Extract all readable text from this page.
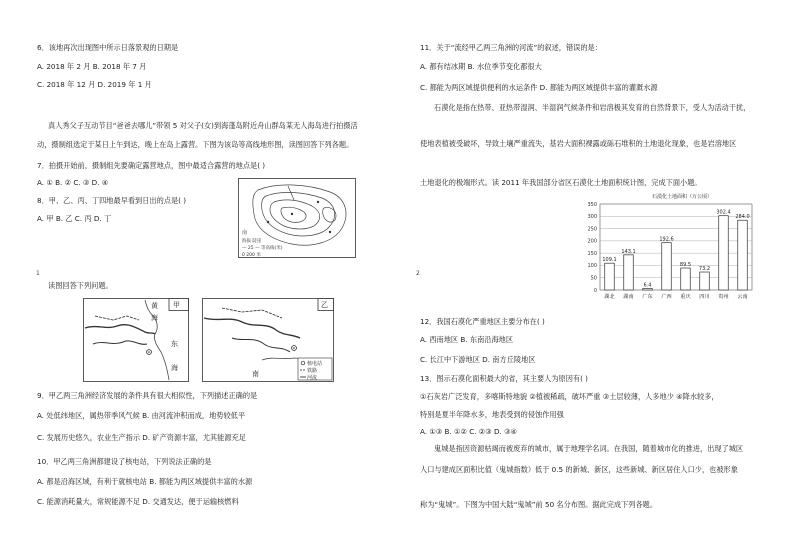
6．该地再次出现图中所示日落景观的日期是
A. 2018 年 2 月 B. 2018 年 7 月
C. 2018 年 12 月 D. 2019 年 1 月
真人秀父子互动节目“爸爸去哪儿”带领 5 对父子(女)到海蓬岛附近舟山群岛某无人海岛进行拍摄活
动，摄制组选定于某日上午到达，晚上在岛上露营。下图为该岛等高线地形图，读图回答下列各题。
7．拍摄开始前，摄制组先要确定露营地点，图中最适合露营的地点是( )
A. ① B. ② C. ③ D. ④
8．甲、乙、丙、丁四地最早看到日出的点是( )
A. 甲 B. 乙 C. 丙 D. 丁
南
海拔 陡崖
— 25 — 等高线(米)
0 200 米
1
读图回答下列问题。
甲
黄
海
东
海
乙
南
核电站
铁路
河流
9．甲乙两三角洲经济发展的条件具有很大相似性，下列描述正确的是
A. 处低纬地区，属热带季风气候 B. 由河流冲积而成，地势较低平
C. 发展历史悠久，农业生产指示 D. 矿产资源丰富，尤其能源充足
10．甲乙两三角洲都建设了核电站，下列说法正确的是
A. 都是沿海区域，有利于就核电站 B. 都能为两区域提供丰富的水源
C. 能源消耗量大，常规能源不足 D. 交通发达，便于运输核燃料
11．关于“流经甲乙两三角洲的河流”的叙述，错误的是：
A. 都有结冰期 B. 水位季节变化都很大
C. 都能为两区域提供便利的水运条件 D. 都能为两区域提供丰富的灌溉水源
石漠化是指在热带、亚热带湿润、半湿润气候条件和岩溶极其发育的自然背景下，受人为活动干扰，
使地表植被受破坏，导致土壤严重流失，基岩大面积裸露或砾石堆积的土地退化现象，也是岩溶地区
土地退化的极端形式。读 2011 年我国部分省区石漠化土地面积统计图，完成下面小题。
2
石漠化土地面积（万公顷）
0
50
100
150
200
250
300
350
109.1
143.1
6.4
192.6
89.5
73.2
302.4
284.0
湖北 湖南 广东 广西 重庆 四川 贵州 云南
12．我国石漠化严重地区主要分布在( )
A. 西南地区 B. 东南沿海地区
C. 长江中下游地区 D. 南方丘陵地区
13．图示石漠化面积最大的省，其主要人为原因有( )
①石灰岩广泛发育，多喀斯特地貌 ②植被稀疏，破坏严重 ③土层较薄，人多地少 ④降水较多，
特别是夏半年降水多，地表受到的侵蚀作用强
A. ①③ B. ①② C. ②③ D. ③④
鬼城是指因资源枯竭而被废弃的城市，属于地理学名词。在我国，随着城市化的推进，出现了城区
人口与建成区面积比值（鬼城指数）低于 0.5 的新城、新区，这些新城、新区居住人口少，也被形象
称为“鬼城”。下图为中国大陆“鬼城”前 50 名分布图。据此完成下列各题。
